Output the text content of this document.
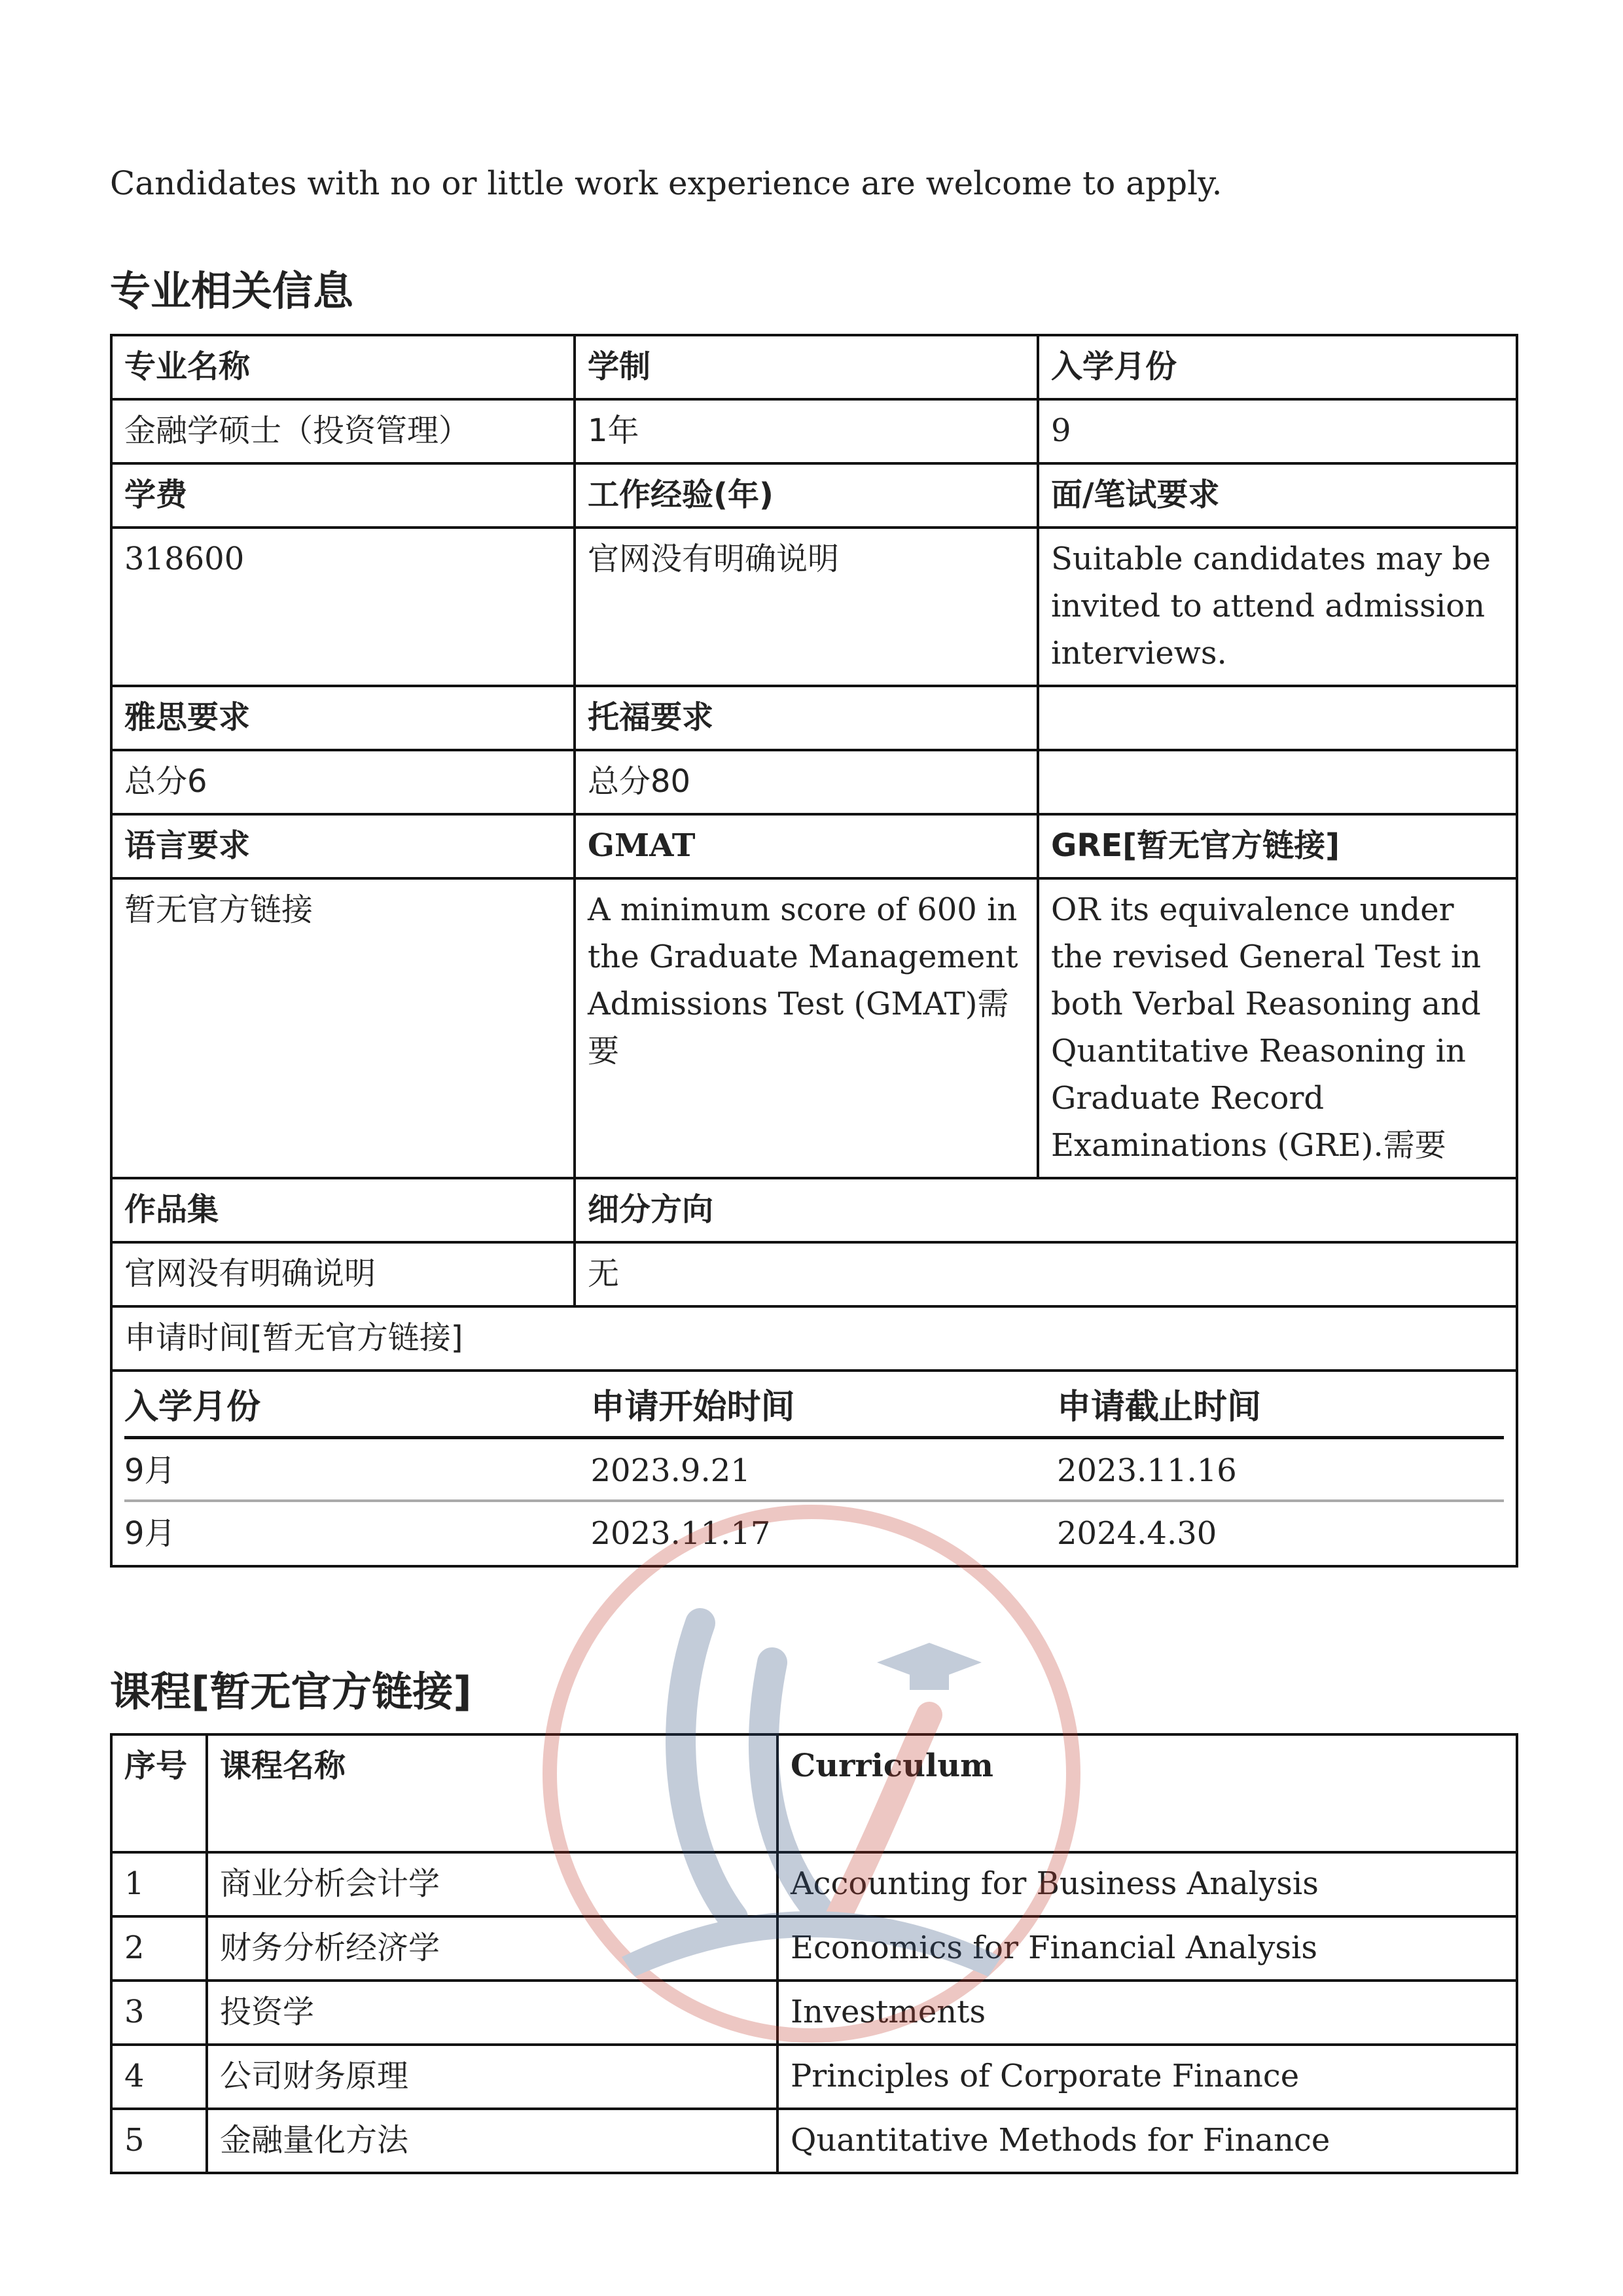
Candidates with no or little work experience are welcome to apply.
专业相关信息
专业名称	学制	入学月份
金融学硕士（投资管理）	1年	9
学费	工作经验(年)	面/笔试要求
318600	官网没有明确说明	Suitable candidates may be invited to attend admission interviews.
雅思要求	托福要求	
总分6	总分80	
语言要求	GMAT	GRE[暂无官方链接]
暂无官方链接	A minimum score of 600 in the Graduate Management Admissions Test (GMAT)需要	OR its equivalence under the revised General Test in both Verbal Reasoning and Quantitative Reasoning in Graduate Record Examinations (GRE).需要
作品集	细分方向
官网没有明确说明	无
申请时间[暂无官方链接]

入学月份	申请开始时间	申请截止时间
9月	2023.9.21	2023.11.16
9月	2023.11.17	2024.4.30
课程[暂无官方链接]
序号	课程名称	Curriculum
1	商业分析会计学	Accounting for Business Analysis
2	财务分析经济学	Economics for Financial Analysis
3	投资学	Investments
4	公司财务原理	Principles of Corporate Finance
5	金融量化方法	Quantitative Methods for Finance
